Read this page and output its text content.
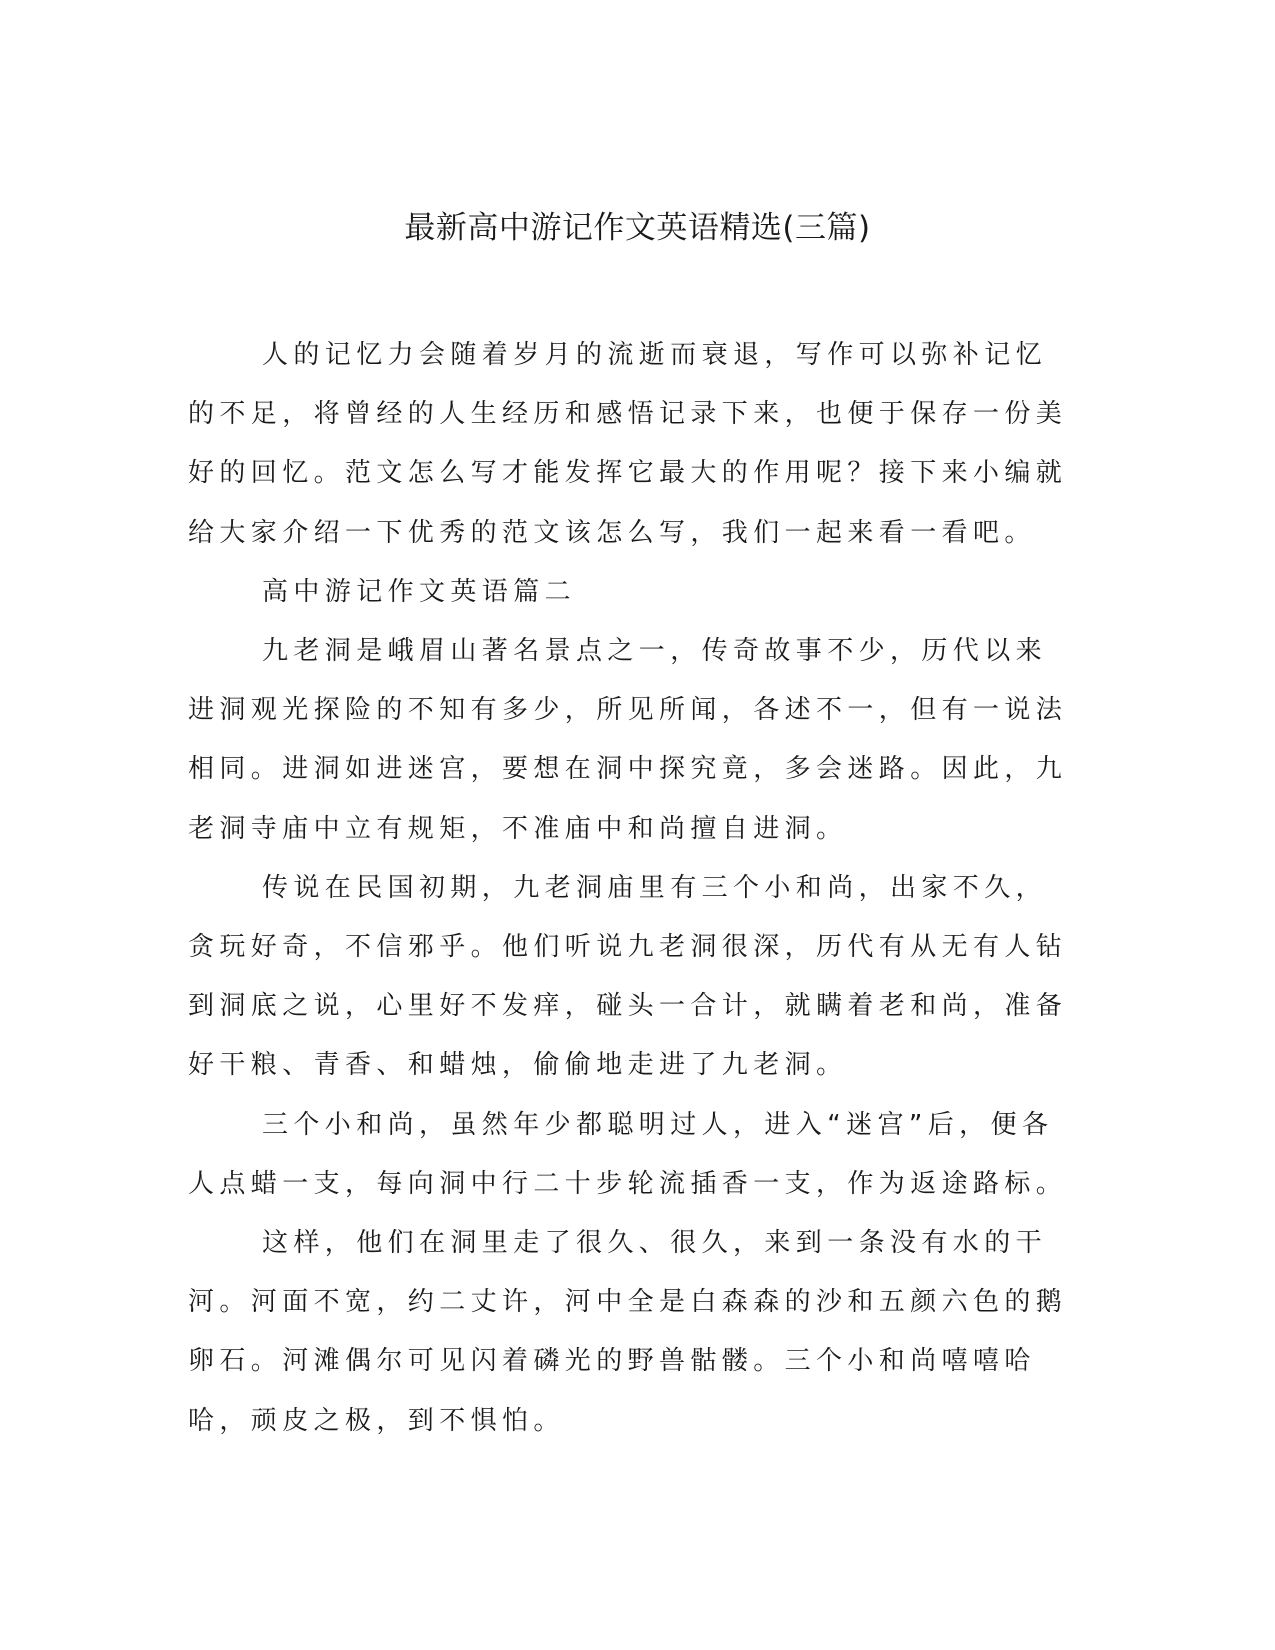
最新高中游记作文英语精选(三篇)

人的记忆力会随着岁月的流逝而衰退，写作可以弥补记忆的不足，将曾经的人生经历和感悟记录下来，也便于保存一份美好的回忆。范文怎么写才能发挥它最大的作用呢？接下来小编就给大家介绍一下优秀的范文该怎么写，我们一起来看一看吧。

高中游记作文英语篇二

九老洞是峨眉山著名景点之一，传奇故事不少，历代以来进洞观光探险的不知有多少，所见所闻，各述不一，但有一说法相同。进洞如进迷宫，要想在洞中探究竟，多会迷路。因此，九老洞寺庙中立有规矩，不准庙中和尚擅自进洞。

传说在民国初期，九老洞庙里有三个小和尚，出家不久，贪玩好奇，不信邪乎。他们听说九老洞很深，历代有从无有人钻到洞底之说，心里好不发痒，碰头一合计，就瞒着老和尚，准备好干粮、青香、和蜡烛，偷偷地走进了九老洞。

三个小和尚，虽然年少都聪明过人，进入“迷宫”后，便各人点蜡一支，每向洞中行二十步轮流插香一支，作为返途路标。

这样，他们在洞里走了很久、很久，来到一条没有水的干河。河面不宽，约二丈许，河中全是白森森的沙和五颜六色的鹅卵石。河滩偶尔可见闪着磷光的野兽骷髅。三个小和尚嘻嘻哈哈，顽皮之极，到不惧怕。
